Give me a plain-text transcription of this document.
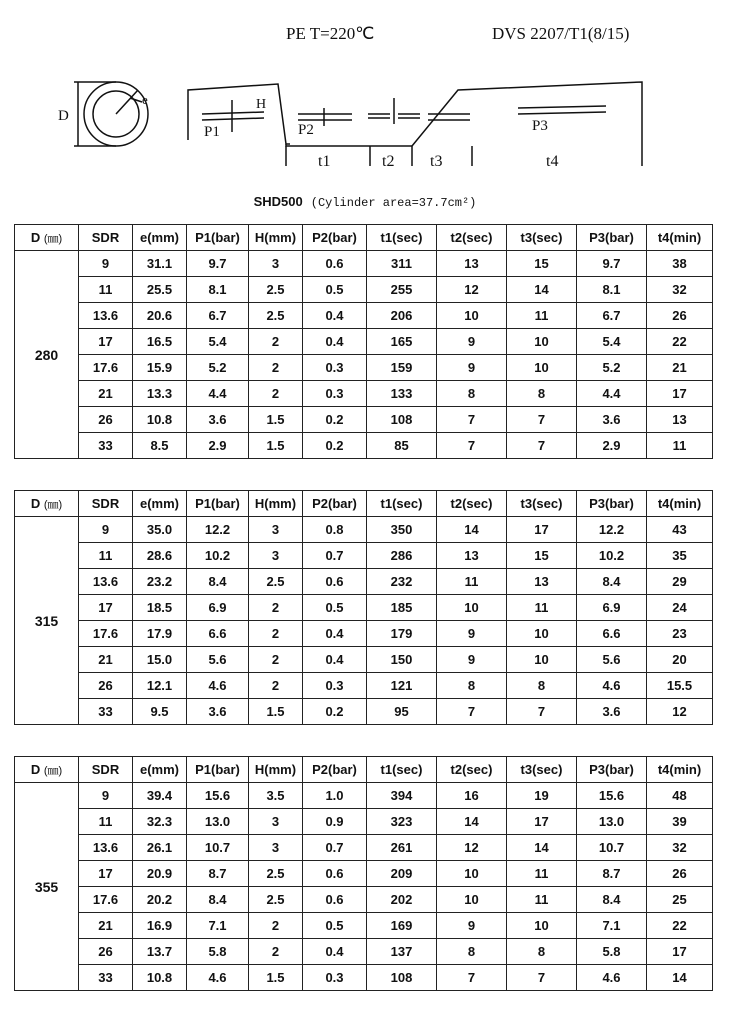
PE T=220℃	DVS 2207/T1(8/15)
D
e
P1
H
P2	P3
t1	t2 t3	t4
SHD500 (Cylinder area=37.7cm²)
D (㎜)	SDR	e(mm)	P1(bar)	H(mm)	P2(bar)	t1(sec)	t2(sec)	t3(sec)	P3(bar)	t4(min)
280	9	31.1	9.7	3	0.6	311	13	15	9.7	38
	11	25.5	8.1	2.5	0.5	255	12	14	8.1	32
	13.6	20.6	6.7	2.5	0.4	206	10	11	6.7	26
	17	16.5	5.4	2	0.4	165	9	10	5.4	22
	17.6	15.9	5.2	2	0.3	159	9	10	5.2	21
	21	13.3	4.4	2	0.3	133	8	8	4.4	17
	26	10.8	3.6	1.5	0.2	108	7	7	3.6	13
	33	8.5	2.9	1.5	0.2	85	7	7	2.9	11
D (㎜)	SDR	e(mm)	P1(bar)	H(mm)	P2(bar)	t1(sec)	t2(sec)	t3(sec)	P3(bar)	t4(min)
315	9	35.0	12.2	3	0.8	350	14	17	12.2	43
	11	28.6	10.2	3	0.7	286	13	15	10.2	35
	13.6	23.2	8.4	2.5	0.6	232	11	13	8.4	29
	17	18.5	6.9	2	0.5	185	10	11	6.9	24
	17.6	17.9	6.6	2	0.4	179	9	10	6.6	23
	21	15.0	5.6	2	0.4	150	9	10	5.6	20
	26	12.1	4.6	2	0.3	121	8	8	4.6	15.5
	33	9.5	3.6	1.5	0.2	95	7	7	3.6	12
D (㎜)	SDR	e(mm)	P1(bar)	H(mm)	P2(bar)	t1(sec)	t2(sec)	t3(sec)	P3(bar)	t4(min)
355	9	39.4	15.6	3.5	1.0	394	16	19	15.6	48
	11	32.3	13.0	3	0.9	323	14	17	13.0	39
	13.6	26.1	10.7	3	0.7	261	12	14	10.7	32
	17	20.9	8.7	2.5	0.6	209	10	11	8.7	26
	17.6	20.2	8.4	2.5	0.6	202	10	11	8.4	25
	21	16.9	7.1	2	0.5	169	9	10	7.1	22
	26	13.7	5.8	2	0.4	137	8	8	5.8	17
	33	10.8	4.6	1.5	0.3	108	7	7	4.6	14
